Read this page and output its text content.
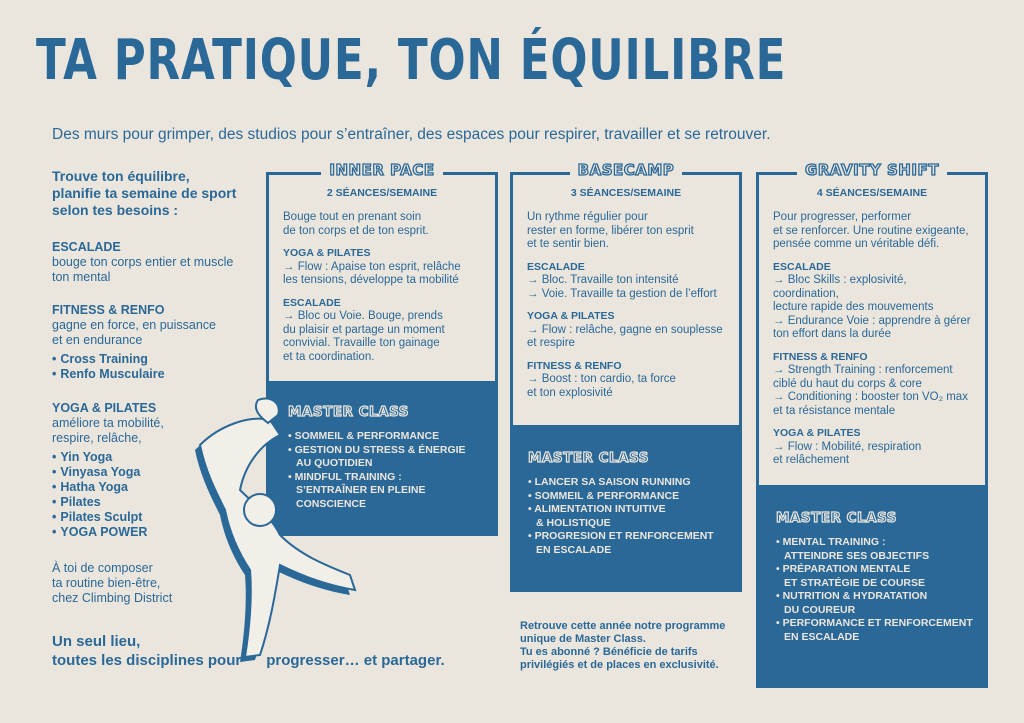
TA PRATIQUE, TON ÉQUILIBRE
Des murs pour grimper, des studios pour s’entraîner, des espaces pour respirer, travailler et se retrouver.
Trouve ton équilibre,
planifie ta semaine de sport
selon tes besoins :
ESCALADE
bouge ton corps entier et muscle
ton mental
FITNESS & RENFO
gagne en force, en puissance
et en endurance
• Cross Training
• Renfo Musculaire
YOGA & PILATES
améliore ta mobilité,
respire, relâche,
• Yin Yoga
• Vinyasa Yoga
• Hatha Yoga
• Pilates
• Pilates Sculpt
• YOGA POWER
À toi de composer
ta routine bien-être,
chez Climbing District
INNER PACE
2 SÉANCES/SEMAINE
Bouge tout en prenant soin
de ton corps et de ton esprit.
YOGA & PILATES
→ Flow : Apaise ton esprit, relâche
les tensions, développe ta mobilité
ESCALADE
→ Bloc ou Voie. Bouge, prends
du plaisir et partage un moment
convivial. Travaille ton gainage
et ta coordination.
MASTER CLASS
• SOMMEIL & PERFORMANCE
• GESTION DU STRESS & ÉNERGIE
AU QUOTIDIEN
• MINDFUL TRAINING :
S’ENTRAÎNER EN PLEINE CONSCIENCE
BASECAMP
3 SÉANCES/SEMAINE
Un rythme régulier pour
rester en forme, libérer ton esprit
et te sentir bien.
ESCALADE
→ Bloc. Travaille ton intensité
→ Voie. Travaille ta gestion de l’effort
YOGA & PILATES
→ Flow : relâche, gagne en souplesse
et respire
FITNESS & RENFO
→ Boost : ton cardio, ta force
et ton explosivité
MASTER CLASS
• LANCER SA SAISON RUNNING
• SOMMEIL & PERFORMANCE
• ALIMENTATION INTUITIVE
& HOLISTIQUE
• PROGRESION ET RENFORCEMENT
EN ESCALADE
GRAVITY SHIFT
4 SÉANCES/SEMAINE
Pour progresser, performer
et se renforcer. Une routine exigeante,
pensée comme un véritable défi.
ESCALADE
→ Bloc Skills : explosivité, coordination,
lecture rapide des mouvements
→ Endurance Voie : apprendre à gérer
ton effort dans la durée
FITNESS & RENFO
→ Strength Training : renforcement
ciblé du haut du corps & core
→ Conditioning : booster ton VO₂ max
et ta résistance mentale
YOGA & PILATES
→ Flow : Mobilité, respiration
et relâchement
MASTER CLASS
• MENTAL TRAINING :
ATTEINDRE SES OBJECTIFS
• PRÉPARATION MENTALE
ET STRATÉGIE DE COURSE
• NUTRITION & HYDRATATION
DU COUREUR
• PERFORMANCE ET RENFORCEMENT
EN ESCALADE
Un seul lieu,
toutes les disciplines pour      progresser… et partager.
Retrouve cette année notre programme
unique de Master Class.
Tu es abonné ? Bénéficie de tarifs
privilégiés et de places en exclusivité.
